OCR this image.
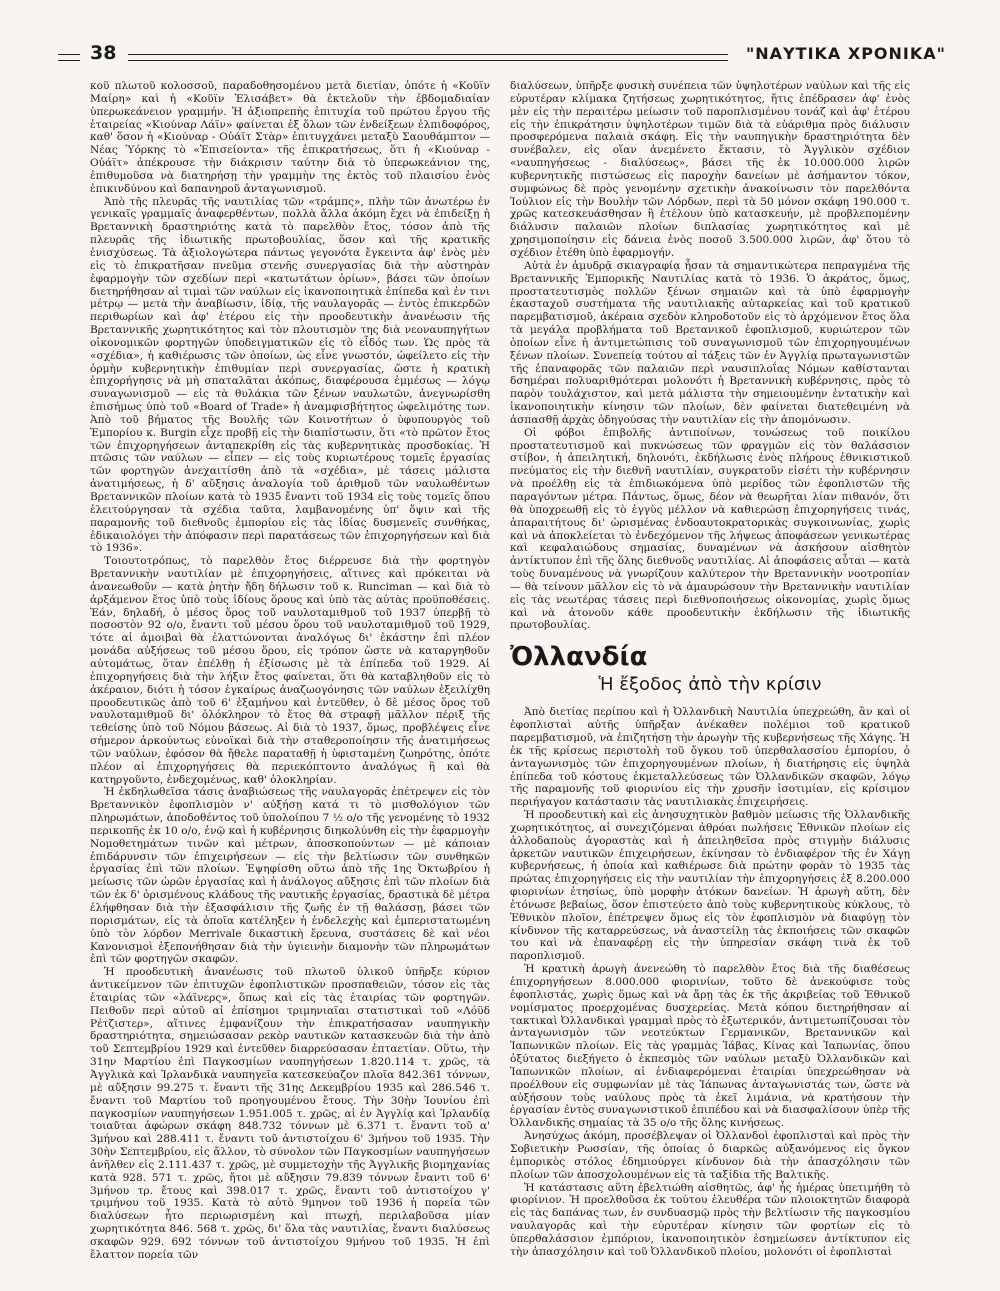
38	"ΝΑΥΤΙΚΑ ΧΡΟΝΙΚΑ"

κοῦ πλωτοῦ κολοσσοῦ, παραδοθησομένου μετὰ διετίαν, ὁπότε ἡ «Κοῦϊν Μαίρη» καὶ ἡ «Κοῦϊν Ἐλισάβετ» θὰ ἐκτελοῦν τὴν ἐβδομαδιαίαν ὑπερωκεάνειον γραμμήν. Ἡ ἀξιοπρεπὴς ἐπιτυχία τοῦ πρώτου ἔργου τῆς ἑταιρείας «Κιούναρ Λάϊν» φαίνεται ἐξ ὅλων τῶν ἐνδείξεων ἐλπιδοφόρος, καθ' ὅσον ἡ «Κιούναρ - Οὐάϊτ Στὰρ» ἐπιτυγχάνει μεταξὺ Σαουθάμπτον — Νέας Ὑόρκης τὸ «Ἑπισείοντα» τῆς ἐπικρατήσεως, ὅτι ἡ «Κιούναρ - Οὐάϊτ» ἀπέκρουσε τὴν διάκρισιν ταύτην διὰ τὸ ὑπερωκεάνιον της, ἐπιθυμοῦσα νὰ διατηρήσῃ τὴν γραμμὴν της ἐκτὸς τοῦ πλαισίου ἑνὸς ἐπικινδύνου καὶ δαπανηροῦ ἀνταγωνισμοῦ.

Ἀπὸ τῆς πλευρᾶς τῆς ναυτιλίας τῶν «τράμπς», πλὴν τῶν ἀνωτέρω ἐν γενικαῖς γραμμαῖς ἀναφερθέντων, πολλὰ ἄλλα ἀκόμη ἔχει νὰ ἐπιδείξῃ ἡ Βρεταννικὴ δραστηριότης κατὰ τὸ παρελθὸν ἔτος, τόσον ἀπὸ τῆς πλευρᾶς τῆς ἰδιωτικῆς πρωτοβουλίας, ὅσον καὶ τῆς κρατικῆς ἐνισχύσεως. Τὰ ἀξιολογώτερα πάντως γεγονότα ἔγκειντα ἀφ' ἑνὸς μὲν εἰς τὸ ἐπικρατῆσαν πνεῦμα στενῆς συνεργασίας διὰ τὴν αὐστηρὰν ἐφαρμογὴν τῶν σχεδίων περὶ «κατωτάτων ὁρίων», βάσει τῶν ὁποίων διετηρήθησαν αἱ τιμαὶ τῶν ναύλων εἰς ἱκανοποιητικὰ ἐπίπεδα καὶ ἐν τινι μέτρῳ — μετὰ τὴν ἀναβίωσιν, ἰδίᾳ, τῆς ναυλαγορᾶς — ἐντὸς ἐπικερδῶν περιθωρίων καὶ ἀφ' ἑτέρου εἰς τὴν προοδευτικὴν ἀνανέωσιν τῆς Βρεταννικῆς χωρητικότητος καὶ τὸν πλουτισμὸν της διὰ νεοναυπηγήτων οἰκονομικῶν φορτηγῶν ὑποδειγματικῶν εἰς τὸ εἶδός των. Ὡς πρὸς τὰ «σχέδια», ἡ καθιέρωσις τῶν ὁποίων, ὡς εἶνε γνωστόν, ὠφείλετο εἰς τὴν ὁρμὴν κυβερνητικὴν ἐπιθυμίαν περὶ συνεργασίας, ὥστε ἡ κρατικὴ ἐπιχορήγησις νὰ μὴ σπαταλᾶται ἀκόπως, διαφέρουσα ἐμμέσως — λόγῳ συναγωνισμοῦ — εἰς τὰ θυλάκια τῶν ξένων ναυλωτῶν, ἀνεγνωρίσθη ἐπισήμως ὑπὸ τοῦ «Board of Trade» ἡ ἀναμφισβήτητος ὠφελιμότης των. Ἀπὸ τοῦ βήματος τῆς Βουλῆς τῶν Κοινοτήτων ὁ ὑφυπουργὸς τοῦ Ἐμπορίου κ. Burgin εἶχε προβῇ εἰς τὴν διαπίστωσιν, ὅτι «τὸ πρῶτον ἔτος τῶν ἐπιχορηγήσεων ἀνταπεκρίθη εἰς τὰς κυβερνητικὰς προσδοκίας. Ἡ πτῶσις τῶν ναύλων — εἶπεν — εἰς τοὺς κυριωτέρους τομεῖς ἐργασίας τῶν φορτηγῶν ἀνεχαιτίσθη ἀπὸ τὰ «σχέδια», μὲ τάσεις μάλιστα ἀνατιμήσεως, ἡ δ' αὔξησις ἀναλογία τοῦ ἀριθμοῦ τῶν ναυλωθέντων Βρεταννικῶν πλοίων κατὰ τὸ 1935 ἔναντι τοῦ 1934 εἰς τοὺς τομεῖς ὅπου ἐλειτούργησαν τὰ σχέδια ταῦτα, λαμβανομένης ὑπ' ὄψιν καὶ τῆς παραμονῆς τοῦ διεθνοῦς ἐμπορίου εἰς τὰς ἰδίας δυσμενεῖς συνθήκας, ἐδικαιολόγει τὴν ἀπόφασιν περὶ παρατάσεως τῶν ἐπιχορηγήσεων καὶ διὰ τὸ 1936».

Τοιουτοτρόπως, τὸ παρελθὸν ἔτος διέρρευσε διὰ τὴν φορτηγὸν Βρεταννικὴν ναυτιλίαν μὲ ἐπιχορηγήσεις, αἵτινες καὶ πρόκειται νὰ ἀνανεωθοῦν — κατὰ ῥητὴν ἤδη δήλωσιν τοῦ κ. Runciman — καὶ διὰ τὸ ἀρξάμενον ἔτος ὑπὸ τοὺς ἰδίους ὅρους καὶ ὑπὸ τὰς αὐτὰς προϋποθέσεις. Ἐάν, δηλαδή, ὁ μέσος ὅρος τοῦ ναυλοταμιθμοῦ τοῦ 1937 ὑπερβῇ τὸ ποσοστὸν 92 ο/ο, ἔναντι τοῦ μέσου ὅρου τοῦ ναυλοταμιθμοῦ τοῦ 1929, τότε αἱ ἀμοιβαὶ θὰ ἐλαττώνονται ἀναλόγως δι' ἑκάστην ἐπὶ πλέον μονάδα αὐξήσεως τοῦ μέσου ὅρου, εἰς τρόπον ὥστε νὰ καταργηθοῦν αὐτομάτως, ὅταν ἐπέλθῃ ἡ ἐξίσωσις μὲ τὰ ἐπίπεδα τοῦ 1929. Αἱ ἐπιχορηγήσεις διὰ τὴν λήξιν ἔτος φαίνεται, ὅτι θὰ καταβληθοῦν εἰς τὸ ἀκέραιον, διότι ἡ τόσον ἐγκαίρως ἀναζωογόνησις τῶν ναύλων ἐξειλίχθη προοδευτικῶς ἀπὸ τοῦ 6' ἑξαμήνου καὶ ἐντεῦθεν, ὁ δὲ μέσος ὅρος τοῦ ναυλοταμιθμοῦ δι' ὁλόκληρον τὸ ἔτος θὰ στραφῇ μᾶλλον πέριξ τῆς τεθείσης ὑπὸ τοῦ Νόμου βάσεως. Αἱ διὰ τὸ 1937, ὅμως, προβλέψεις εἶνε σήμερον ἀρκούντως εὐνοϊκαὶ διὰ τὴν σταθεροποίησιν τῆς ἀνατιμήσεως τῶν ναύλων, ἐφόσον θὰ ἤθελε παραταθῇ ἡ ὑφισταμένη ζωηρότης, ὁπότε πλέον αἱ ἐπιχορηγήσεις θὰ περιεκόπτοντο ἀναλόγως ἢ καὶ θὰ κατηργοῦντο, ἐνδεχομένως, καθ' ὁλοκληρίαν.

Ἡ ἐκδηλωθεῖσα τάσις ἀναβιώσεως τῆς ναυλαγορᾶς ἐπέτρεψεν εἰς τὸν Βρεταννικὸν ἐφοπλισμὸν ν' αὐξήσῃ κατά τι τὸ μισθολόγιον τῶν πληρωμάτων, ἀποδοθέντος τοῦ ὑπολοίπου 7 ½ ο/ο τῆς γενομένης τὸ 1932 περικοπῆς ἐκ 10 ο/ο, ἐνῷ καὶ ἡ κυβέρνησις διηκολύνθη εἰς τὴν ἐφαρμογὴν Νομοθετημάτων τινῶν καὶ μέτρων, ἀποσκοπούντων — μὲ κάποιαν ἐπιδάρυνσιν τῶν ἐπιχειρήσεων — εἰς τὴν βελτίωσιν τῶν συνθηκῶν ἐργασίας ἐπὶ τῶν πλοίων. Ἐψηφίσθη οὕτω ἀπὸ τῆς 1ης Ὀκτωβρίου ἡ μείωσις τῶν ὡρῶν ἐργασίας καὶ ἡ ἀνάλογος αὔξησις ἐπὶ τῶν πλοίων διὰ τῶν ἐκ δ' ὁρισμένους κλάδους τῆς ναυτικῆς ἐργασίας, δραστικὰ δὲ μέτρα ἐλήφθησαν διὰ τὴν ἐξασφάλισιν τῆς ζωῆς ἐν τῇ θαλάσσῃ, βάσει τῶν πορισμάτων, εἰς τὰ ὁποῖα κατέληξεν ἡ ἐνδελεχὴς καὶ ἐμπεριστατωμένη ὑπὸ τὸν λόρδον Merrivale δικαστικὴ ἔρευνα, συστάσεις δὲ καὶ νέοι Κανονισμοὶ ἐξεπονήθησαν διὰ τὴν ὑγιεινὴν διαμονὴν τῶν πληρωμάτων ἐπὶ τῶν φορτηγῶν σκαφῶν.

Ἡ προοδευτικὴ ἀνανέωσις τοῦ πλωτοῦ ὑλικοῦ ὑπῆρξε κύριον ἀντικείμενον τῶν ἐπιτυχῶν ἐφοπλιστικῶν προσπαθειῶν, τόσον εἰς τὰς ἑταιρίας τῶν «λάϊνερς», ὅπως καὶ εἰς τὰς ἑταιρίας τῶν φορτηγῶν. Πειθοῦν περὶ αὐτοῦ αἱ ἐπίσημοι τριμηνιαῖαι στατιστικαὶ τοῦ «Λόϋδ Ρέτζιστερ», αἵτινες ἐμφανίζουν τὴν ἐπικρατήσασαν ναυπηγικὴν δραστηριότητα, σημειώσασαν ρεκὸρ ναυτικῶν κατασκευῶν διὰ τὴν ἀπὸ τοῦ Σεπτεμβρίου 1929 καὶ ἐντεῦθεν διαρρεύσασαν ἑπταετίαν. Οὕτω, τὴν 31ην Μαρτίου ἐπὶ Παγκοσμίων ναυπηγήσεων 1.820.114 τ. χρῶς, τὰ Ἀγγλικὰ καὶ Ἰρλανδικὰ ναυπηγεῖα κατεσκεύαζον πλοῖα 842.361 τόννων, μὲ αὔξησιν 99.275 τ. ἔναντι τῆς 31ης Δεκεμβρίου 1935 καὶ 286.546 τ. ἔναντι τοῦ Μαρτίου τοῦ προηγουμένου ἔτους. Τὴν 30ὴν Ἰουνίου ἐπὶ παγκοσμίων ναυπηγήσεων 1.951.005 τ. χρῶς, αἱ ἐν Ἀγγλίᾳ καὶ Ἰρλανδίᾳ τοιαῦται ἀφώρων σκάφη 848.732 τόννων μὲ 6.371 τ. ἔναντι τοῦ α' 3μήνου καὶ 288.411 τ. ἔναντι τοῦ ἀντιστοίχου 6' 3μήνου τοῦ 1935. Τὴν 30ὴν Σεπτεμβρίου, εἰς ἄλλον, τὸ σύνολον τῶν Παγκοσμίων ναυπηγήσεων ἀνῆλθεν εἰς 2.111.437 τ. χρῶς, μὲ συμμετοχὴν τῆς Ἀγγλικῆς βιομηχανίας κατὰ 928. 571 τ. χρῶς, ἤτοι μὲ αὔξησιν 79.839 τόννων ἔναντι τοῦ 6' 3μήνου τρ. ἔτους καὶ 398.017 τ. χρῶς, ἔναντι τοῦ ἀντιστοίχου γ' τριμήνου τοῦ 1935. Κατὰ τὸ αὐτὸ 9μηνον τοῦ 1936 ἡ πορεία τῶν διαλύσεων ἦτο περιωρισμένη καὶ πτωχή, περιλαβοῦσα μίαν χωρητικότητα 846. 568 τ. χρῶς, δι' ὅλα τὰς ναυτιλίας, ἔναντι διαλύσεως σκαφῶν 929. 692 τόννων τοῦ ἀντιστοίχου 9μήνου τοῦ 1935. Ἡ ἐπὶ ἔλαττον πορεία τῶν

διαλύσεων, ὑπῆρξε φυσικὴ συνέπεια τῶν ὑψηλοτέρων ναύλων καὶ τῆς εἰς εὐρυτέραν κλίμακα ζητήσεως χωρητικότητος, ἥτις ἐπέδρασεν ἀφ' ἑνὸς μὲν εἰς τὴν περαιτέρω μείωσιν τοῦ παροπλισμένου τονάζ καὶ ἀφ' ἑτέρου εἰς τὴν ἐπικράτησιν ὑψηλοτέρων τιμῶν διὰ τὰ εὐάριθμα πρὸς διάλυσιν προσφερόμενα παλαιὰ σκάφη. Εἰς τὴν ναυπηγικὴν δραστηριότητα δὲν συνέβαλεν, εἰς οἵαν ἀνεμένετο ἔκτασιν, τὸ Ἀγγλικὸν σχέδιον «ναυπηγήσεως - διαλύσεως», βάσει τῆς ἐκ 10.000.000 λιρῶν κυβερνητικῆς πιστώσεως εἰς παροχὴν δανείων μὲ ἀσήμαντον τόκον, συμφώνως δὲ πρὸς γενομένην σχετικὴν ἀνακοίνωσιν τὸν παρελθόντα Ἰούλιον εἰς τὴν Βουλὴν τῶν Λόρδων, περὶ τὰ 50 μόνον σκάφη 190.000 τ. χρῶς κατεσκευάσθησαν ἢ ἐτέλουν ὑπὸ κατασκευήν, μὲ προβλεπομένην διάλυσιν παλαιῶν πλοίων διπλασίας χωρητικότητος καὶ μὲ χρησιμοποίησιν εἰς δάνεια ἑνὸς ποσοῦ 3.500.000 λιρῶν, ἀφ' ὅτου τὸ σχέδιον ἐτέθη ὑπὸ ἐφαρμογήν.

Αὐτὰ ἐν ἀμυδρᾷ σκιαγραφίᾳ ἦσαν τὰ σημαντικώτερα πεπραγμένα τῆς Βρεταννικῆς Ἐμπορικῆς Ναυτιλίας κατὰ τὸ 1936. Ὁ ἀκράτος, ὅμως, προστατευτισμὸς πολλῶν ξένων σημαιῶν καὶ τὰ ὑπὸ ἐφαρμογὴν ἑκασταχοῦ συστήματα τῆς ναυτιλιακῆς αὐταρκείας καὶ τοῦ κρατικοῦ παρεμβατισμοῦ, ἀκέραια σχεδὸν κληροδοτοῦν εἰς τὸ ἀρχόμενον ἔτος ὅλα τὰ μεγάλα προβλήματα τοῦ Βρετανικοῦ ἐφοπλισμοῦ, κυριώτερον τῶν ὁποίων εἶνε ἡ ἀντιμετώπισις τοῦ συναγωνισμοῦ τῶν ἐπιχορηγουμένων ξένων πλοίων. Συνεπείᾳ τούτου αἱ τάξεις τῶν ἐν Ἀγγλίᾳ πρωταγωνιστῶν τῆς ἐπαναφορᾶς τῶν παλαιῶν περὶ ναυσιπλοΐας Νόμων καθίστανται δσημέραι πολυαριθμότεραι μολονότι ἡ Βρεταννικὴ κυβέρνησις, πρὸς τὸ παρὸν τουλάχιστον, καὶ μετὰ μάλιστα τὴν σημειουμένην ἐντατικὴν καὶ ἱκανοποιητικὴν κίνησιν τῶν πλοίων, δὲν φαίνεται διατεθειμένη νὰ ἀσπασθῇ ἀρχὰς ὁδηγούσας τὴν ναυτιλίαν εἰς τὴν ἀπομόνωσιν.

Οἱ φόβοι ἐπιβολῆς ἀντιποίνων, τονώσεως τοῦ ποικίλου προστατευτισμοῦ καὶ πυκνώσεως τῶν φραγμῶν εἰς τὸν θαλάσσιον στίβον, ἡ ἀπειλητική, δηλονότι, ἐκδήλωσις ἑνὸς πλήρους ἐθνικιστικοῦ πνεύματος εἰς τὴν διεθνῆ ναυτιλίαν, συγκρατοῦν εἰσέτι τὴν κυβέρνησιν νὰ προέλθῃ εἰς τὰ ἐπιδιωκόμενα ὑπὸ μερίδος τῶν ἐφοπλιστῶν τῆς παραγόντων μέτρα. Πάντως, ὅμως, δέον νὰ θεωρῆται λίαν πιθανόν, ὅτι θὰ ὑποχρεωθῇ εἰς τὸ ἐγγὺς μέλλον νὰ καθιερώσῃ ἐπιχορηγήσεις τινάς, ἀπαραιτήτους δι' ὡρισμένας ἐνδοαυτοκρατορικὰς συγκοινωνίας, χωρὶς καὶ νὰ ἀποκλείεται τὸ ἐνδεχόμενον τῆς λήψεως ἀποφάσεων γενικωτέρας καὶ κεφαλαιώδους σημασίας, δυναμένων νὰ ἀσκήσουν αἰσθητὸν ἀντίκτυπον ἐπὶ τῆς ὅλης διεθνοῦς ναυτιλίας. Αἱ ἀποφάσεις αὗται — κατὰ τοὺς δυναμένους νὰ γνωρίζουν καλύτερον τὴν Βρεταννικὴν νοοτροπίαν — θὰ τείνουν μᾶλλον εἰς τὸ νὰ ἀμαυρώσουν τὴν Βρεταννικὴν ναυτιλίαν εἰς τὰς νεωτέρας τάσεις περὶ διεθνοποιήσεως οἰκονομίας, χωρὶς ὅμως καὶ νὰ ἀτονοῦν κάθε προοδευτικὴν ἐκδήλωσιν τῆς ἰδιωτικῆς πρωτοβουλίας.

Ὀλλανδία
Ἡ ἔξοδος ἀπὸ τὴν κρίσιν

Ἀπὸ διετίας περίπου καὶ ἡ Ὀλλανδικὴ Ναυτιλία ὑπεχρεώθη, ἂν καὶ οἱ ἐφοπλισταὶ αὐτῆς ὑπῆρξαν ἀνέκαθεν πολέμιοι τοῦ κρατικοῦ παρεμβατισμοῦ, νὰ ἐπιζητήσῃ τὴν ἀρωγὴν τῆς κυβερνήσεως τῆς Χάγης. Ἡ ἐκ τῆς κρίσεως περιστολὴ τοῦ ὄγκου τοῦ ὑπερθαλασσίου ἐμπορίου, ὁ ἀνταγωνισμὸς τῶν ἐπιχορηγουμένων πλοίων, ἡ διατήρησις εἰς ὑψηλὰ ἐπίπεδα τοῦ κόστους ἐκμεταλλεύσεως τῶν Ὀλλανδικῶν σκαφῶν, λόγῳ τῆς παραμονῆς τοῦ φιορινίου εἰς τὴν χρυσῆν ἰσοτιμίαν, εἰς κρίσιμον περιήγαγον κατάστασιν τὰς ναυτιλιακὰς ἐπιχειρήσεις.

Ἡ προοδευτικὴ καὶ εἰς ἀνησυχητικὸν βαθμὸν μείωσις τῆς Ὀλλανδικῆς χωρητικότητος, αἱ συνεχιζόμεναι ἀθρόαι πωλήσεις Ἐθνικῶν πλοίων εἰς ἀλλοδαποὺς ἀγοραστὰς καὶ ἡ ἀπειληθεῖσα πρὸς στιγμὴν διάλυσις ἀρκετῶν ναυτικῶν ἐπιχειρήσεων, ἐκίνησαν τὸ ἐνδιαφέρον τῆς ἐν Χάγῃ κυβερνήσεως, ἡ ὁποία καὶ καθιέρωσε διὰ πρώτην φορὰν τὸ 1935 τὰς πρώτας ἐπιχορηγήσεις εἰς τὴν ναυτιλίαν τὴν ἐπιχορηγήσεις ἐξ 8.200.000 φιορινίων ἐτησίως, ὑπὸ μορφὴν ἀτόκων δανείων. Ἡ ἀρωγὴ αὕτη, δὲν ἐτόνωσε βεβαίως, ὅσον ἐπιστεύετο ἀπὸ τοὺς κυβερνητικοὺς κύκλους, τὸ Ἐθνικὸν πλοῖον, ἐπέτρεψεν ὅμως εἰς τὸν ἐφοπλισμὸν νὰ διαφύγῃ τὸν κίνδυνον τῆς καταρρεύσεως, νὰ ἀναστείλῃ τὰς ἐκποιήσεις τῶν σκαφῶν του καὶ νὰ ἐπαναφέρῃ εἰς τὴν ὑπηρεσίαν σκάφη τινὰ ἐκ τοῦ παροπλισμοῦ.

Ἡ κρατικὴ ἀρωγὴ ἀνενεώθη τὸ παρελθὸν ἔτος διὰ τῆς διαθέσεως ἐπιχορηγήσεων 8.000.000 φιορινίων, τοῦτο δὲ ἀνεκούφισε τοὺς ἐφοπλιστάς, χωρὶς ὅμως καὶ νὰ ἄρῃ τὰς ἐκ τῆς ἀκριβείας τοῦ Ἐθνικοῦ νομίσματος προερχομένας δυσχερείας. Μετὰ κόπου διετηρήθησαν αἱ τακτικαὶ Ὀλλανδικαὶ γραμμαὶ πρὸς τὸ ἐξωτερικόν, ἀντιμετωπίζουσαι τὸν ἀνταγωνισμὸν τῶν νεοτεύκτων Γερμανικῶν, Βρεταννικῶν καὶ Ἰαπωνικῶν πλοίων. Εἰς τὰς γραμμὰς Ἰάβας, Κίνας καὶ Ἰαπωνίας, ὅπου ὀξύτατος διεξήγετο ὁ ἐκπεσμὸς τῶν ναύλων μεταξὺ Ὀλλανδικῶν καὶ Ἰαπωνικῶν πλοίων, αἱ ἐνδιαφερόμεναι ἑταιρίαι ὑπεχρεώθησαν νὰ προέλθουν εἰς συμφωνίαν μὲ τὰς Ἰάπωνας ἀνταγωνιστάς των, ὥστε νὰ αὐξήσουν τοὺς ναύλους πρὸς τὰ ἐκεῖ λιμάνια, νὰ κρατήσουν τὴν ἐργασίαν ἐντὸς συναγωνιστικοῦ ἐπιπέδου καὶ νὰ διασφαλίσουν ὑπὲρ τῆς Ὀλλανδικῆς σημαίας τὰ 35 ο/ο τῆς ὅλης κινήσεως.

Ἀνησύχως ἀκόμη, προσέβλεψαν οἱ Ὀλλανδοὶ ἐφοπλισταὶ καὶ πρὸς τὴν Σοβιετικὴν Ρωσσίαν, τῆς ὁποίας ὁ διαρκῶς αὐξανόμενος εἰς ὄγκον ἐμπορικὸς στόλος ἐδημιούργει κίνδυνον διὰ τὴν ἀπασχόλησιν τῶν πλοίων τῶν ἀποσχολουμένων εἰς τὰ ταξίδια τῆς Βαλτικῆς.

Ἡ κατάστασις αὕτη ἐβελτιώθη αἰσθητῶς, ἀφ' ἧς ἡμέρας ὑπετιμήθη τὸ φιορίνιον. Ἡ προελθοῦσα ἐκ τούτου ἐλευθέρα τῶν πλοιοκτητῶν διαφορὰ εἰς τὰς δαπάνας των, ἐν συνδυασμῷ πρὸς τὴν βελτίωσιν τῆς παγκοσμίου ναυλαγορᾶς καὶ τὴν εὐρυτέραν κίνησιν τῶν φορτίων εἰς τὸ ὑπερθαλάσσιον ἐμπόριον, ἱκανοποιητικὸν ἐσημείωσεν ἀντίκτυπον εἰς τὴν ἀπασχόλησιν καὶ τοῦ Ὀλλανδικοῦ πλοίου, μολονότι οἱ ἐφοπλισταὶ
